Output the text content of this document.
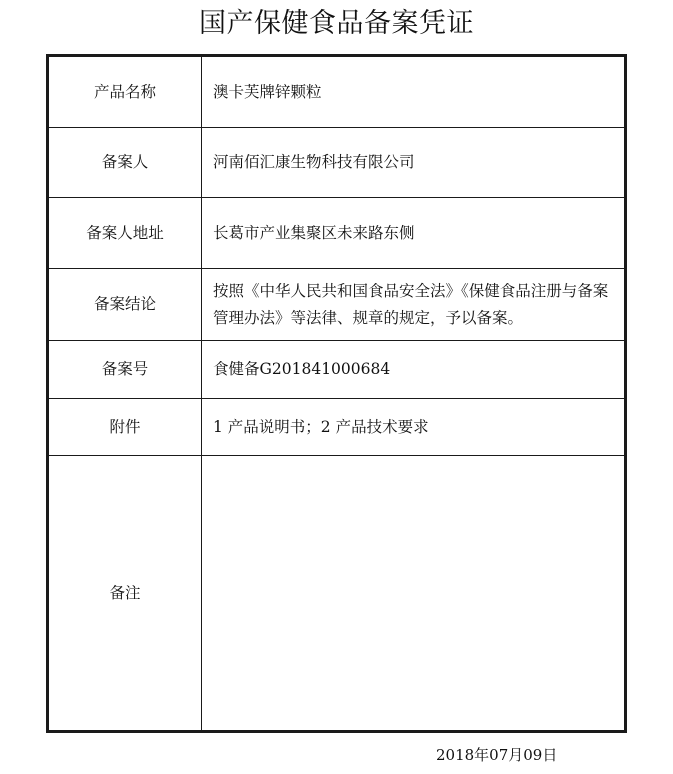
国产保健食品备案凭证
产品名称	澳卡芙牌锌颗粒
备案人	河南佰汇康生物科技有限公司
备案人地址	长葛市产业集聚区未来路东侧
备案结论	按照《中华人民共和国食品安全法》《保健食品注册与备案管理办法》等法律、规章的规定，予以备案。
备案号	食健备G201841000684
附件	1 产品说明书；2 产品技术要求
备注	
2018年07月09日
